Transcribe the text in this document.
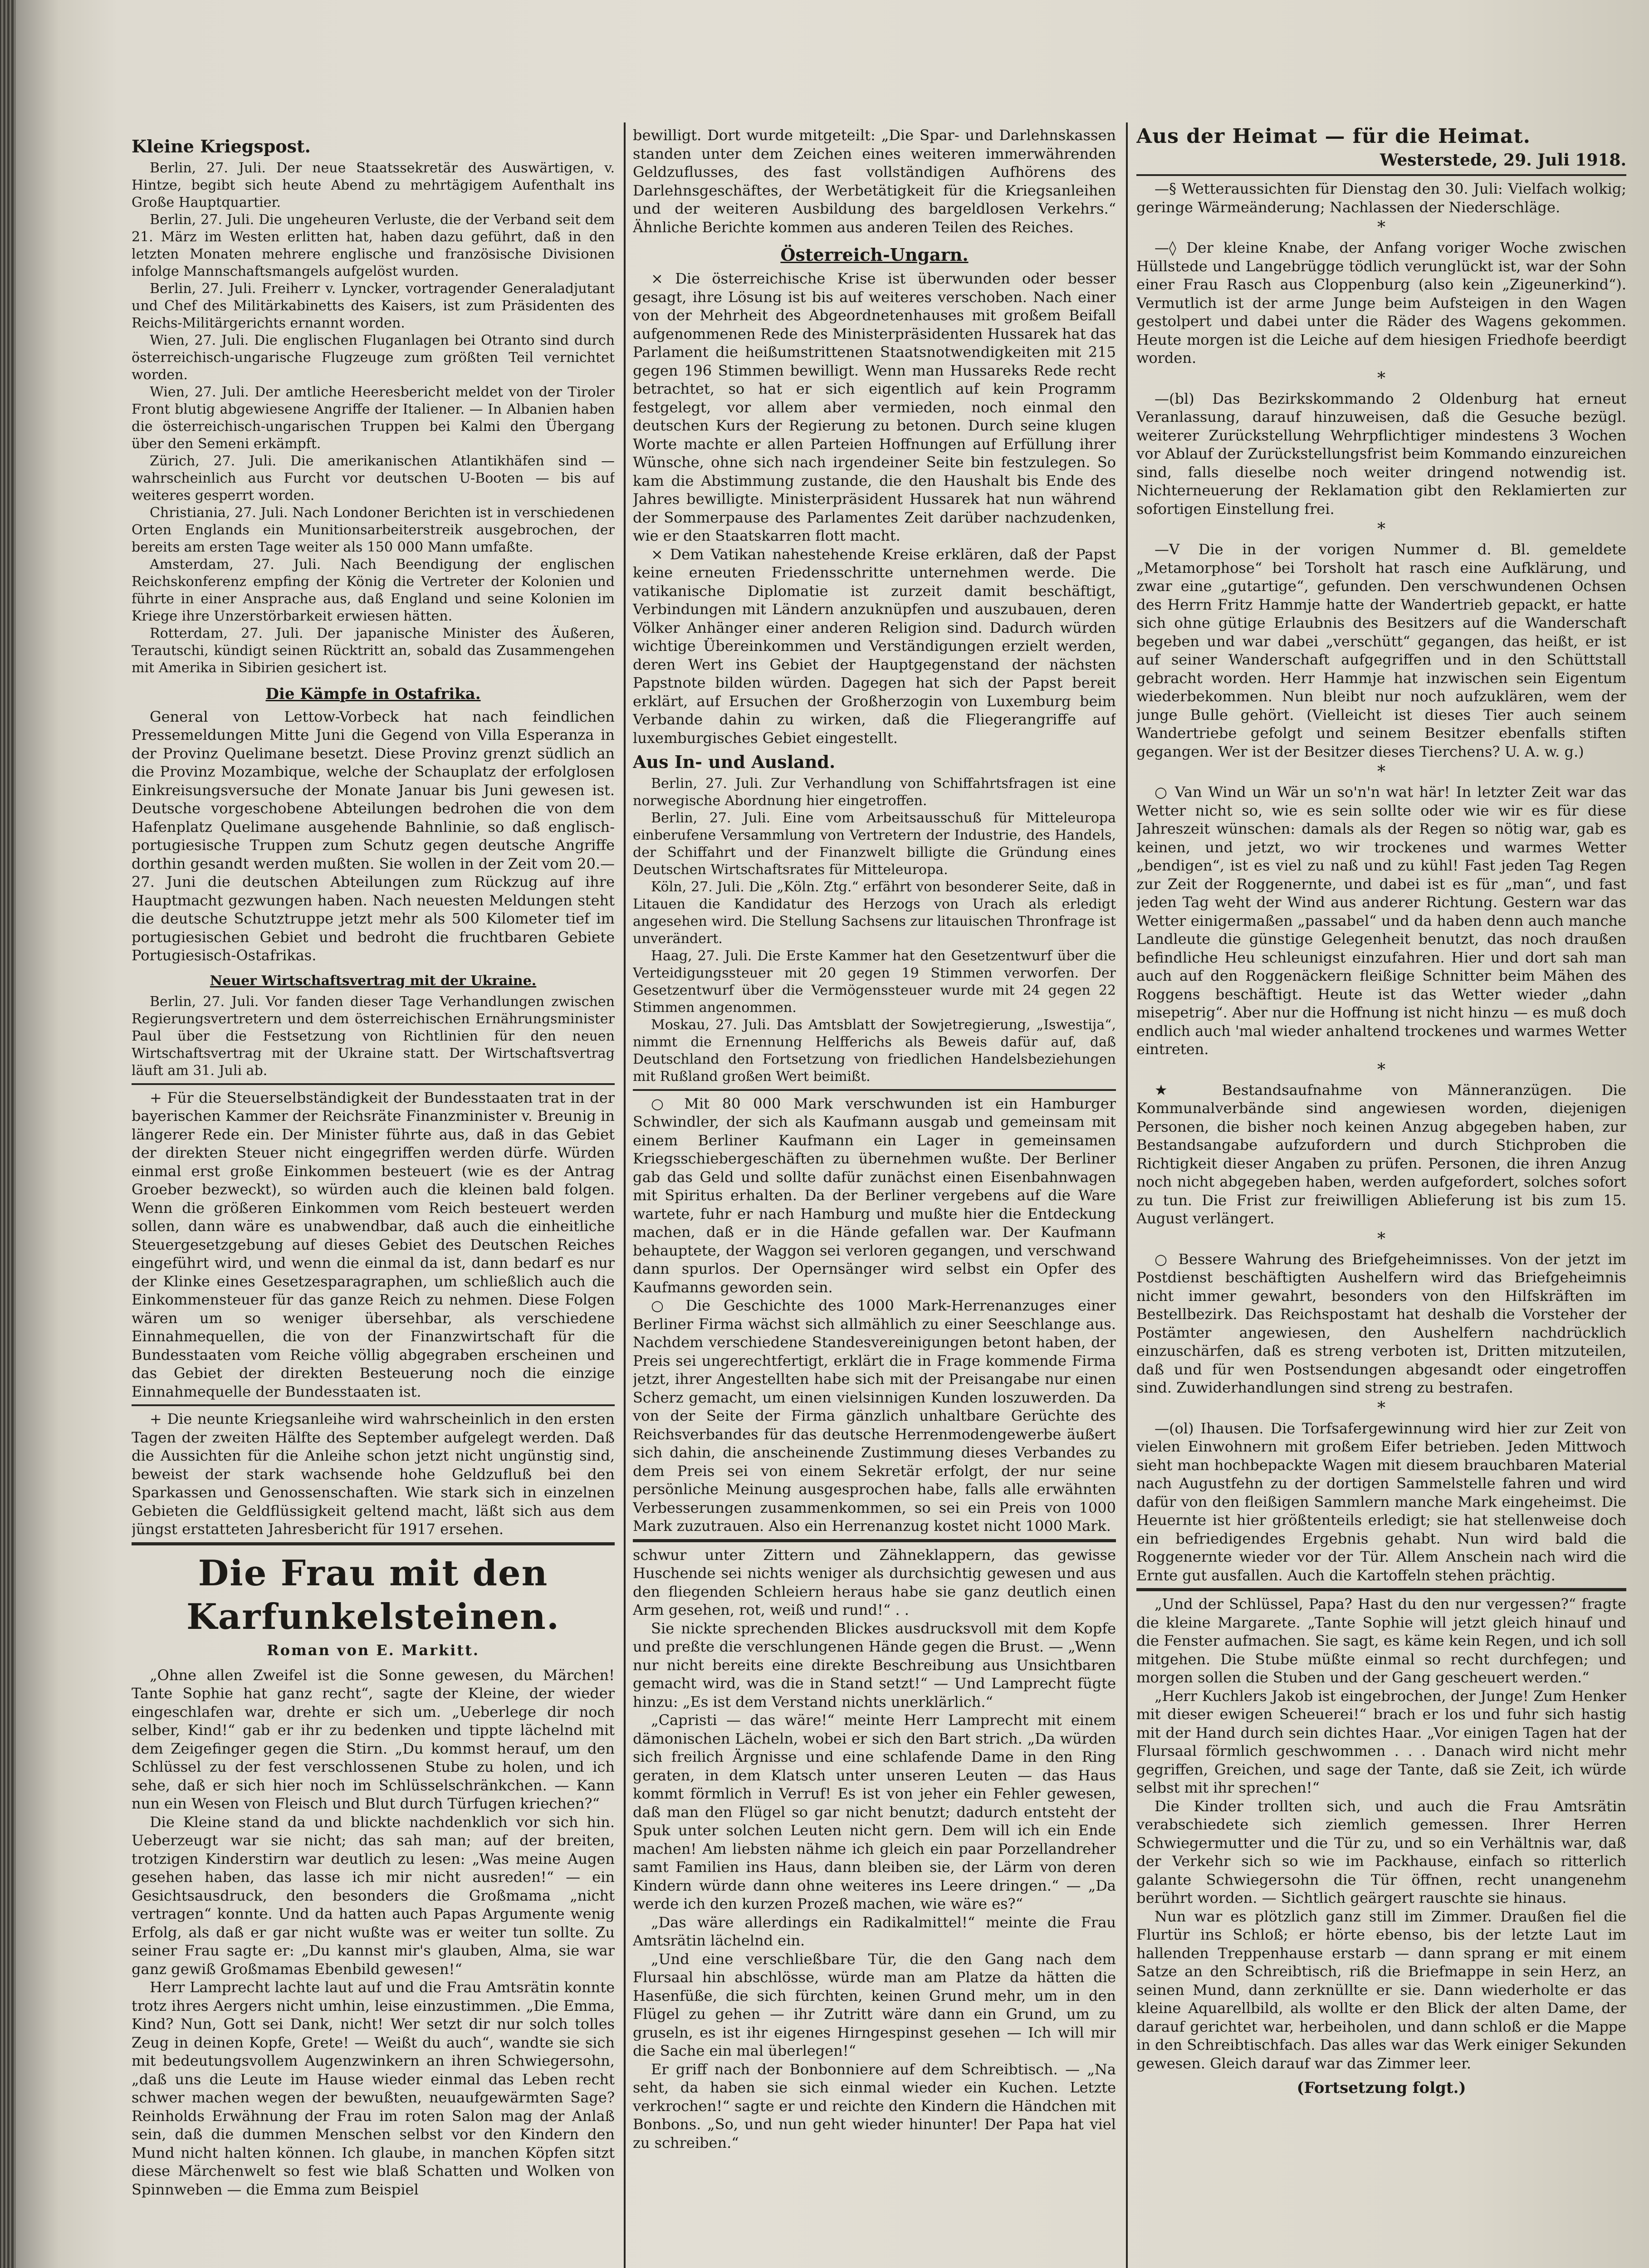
Kleine Kriegspost.

Berlin, 27. Juli. Der neue Staatssekretär des Auswärtigen, v. Hintze, begibt sich heute Abend zu mehrtägigem Aufenthalt ins Große Hauptquartier.

Berlin, 27. Juli. Die ungeheuren Verluste, die der Verband seit dem 21. März im Westen erlitten hat, haben dazu geführt, daß in den letzten Monaten mehrere englische und französische Divisionen infolge Mannschaftsmangels aufgelöst wurden.

Berlin, 27. Juli. Freiherr v. Lyncker, vortragender Generaladjutant und Chef des Militärkabinetts des Kaisers, ist zum Präsidenten des Reichs-Militärgerichts ernannt worden.

Wien, 27. Juli. Die englischen Fluganlagen bei Otranto sind durch österreichisch-ungarische Flugzeuge zum größten Teil vernichtet worden.

Wien, 27. Juli. Der amtliche Heeresbericht meldet von der Tiroler Front blutig abgewiesene Angriffe der Italiener. — In Albanien haben die österreichisch-ungarischen Truppen bei Kalmi den Übergang über den Semeni erkämpft.

Zürich, 27. Juli. Die amerikanischen Atlantikhäfen sind — wahrscheinlich aus Furcht vor deutschen U-Booten — bis auf weiteres gesperrt worden.

Christiania, 27. Juli. Nach Londoner Berichten ist in verschiedenen Orten Englands ein Munitionsarbeiterstreik ausgebrochen, der bereits am ersten Tage weiter als 150 000 Mann umfaßte.

Amsterdam, 27. Juli. Nach Beendigung der englischen Reichskonferenz empfing der König die Vertreter der Kolonien und führte in einer Ansprache aus, daß England und seine Kolonien im Kriege ihre Unzerstörbarkeit erwiesen hätten.

Rotterdam, 27. Juli. Der japanische Minister des Äußeren, Terautschi, kündigt seinen Rücktritt an, sobald das Zusammengehen mit Amerika in Sibirien gesichert ist.

Die Kämpfe in Ostafrika.

General von Lettow-Vorbeck hat nach feindlichen Pressemeldungen Mitte Juni die Gegend von Villa Esperanza in der Provinz Quelimane besetzt. Diese Provinz grenzt südlich an die Provinz Mozambique, welche der Schauplatz der erfolglosen Einkreisungsversuche der Monate Januar bis Juni gewesen ist. Deutsche vorgeschobene Abteilungen bedrohen die von dem Hafenplatz Quelimane ausgehende Bahnlinie, so daß englisch-portugiesische Truppen zum Schutz gegen deutsche Angriffe dorthin gesandt werden mußten. Sie wollen in der Zeit vom 20.—27. Juni die deutschen Abteilungen zum Rückzug auf ihre Hauptmacht gezwungen haben. Nach neuesten Meldungen steht die deutsche Schutztruppe jetzt mehr als 500 Kilometer tief im portugiesischen Gebiet und bedroht die fruchtbaren Gebiete Portugiesisch-Ostafrikas.

Neuer Wirtschaftsvertrag mit der Ukraine.

Berlin, 27. Juli. Vor fanden dieser Tage Verhandlungen zwischen Regierungsvertretern und dem österreichischen Ernährungsminister Paul über die Festsetzung von Richtlinien für den neuen Wirtschaftsvertrag mit der Ukraine statt. Der Wirtschaftsvertrag läuft am 31. Juli ab.

+ Für die Steuerselbständigkeit der Bundesstaaten trat in der bayerischen Kammer der Reichsräte Finanzminister v. Breunig in längerer Rede ein. Der Minister führte aus, daß in das Gebiet der direkten Steuer nicht eingegriffen werden dürfe. Würden einmal erst große Einkommen besteuert (wie es der Antrag Groeber bezweckt), so würden auch die kleinen bald folgen. Wenn die größeren Einkommen vom Reich besteuert werden sollen, dann wäre es unabwendbar, daß auch die einheitliche Steuergesetzgebung auf dieses Gebiet des Deutschen Reiches eingeführt wird, und wenn die einmal da ist, dann bedarf es nur der Klinke eines Gesetzesparagraphen, um schließlich auch die Einkommensteuer für das ganze Reich zu nehmen. Diese Folgen wären um so weniger übersehbar, als verschiedene Einnahmequellen, die von der Finanzwirtschaft für die Bundesstaaten vom Reiche völlig abgegraben erscheinen und das Gebiet der direkten Besteuerung noch die einzige Einnahmequelle der Bundesstaaten ist.

+ Die neunte Kriegsanleihe wird wahrscheinlich in den ersten Tagen der zweiten Hälfte des September aufgelegt werden. Daß die Aussichten für die Anleihe schon jetzt nicht ungünstig sind, beweist der stark wachsende hohe Geldzufluß bei den Sparkassen und Genossenschaften. Wie stark sich in einzelnen Gebieten die Geldflüssigkeit geltend macht, läßt sich aus dem jüngst erstatteten Jahresbericht für 1917 ersehen.

Die Frau mit den Karfunkelsteinen.
Roman von E. Markitt.

„Ohne allen Zweifel ist die Sonne gewesen, du Märchen! Tante Sophie hat ganz recht“, sagte der Kleine, der wieder eingeschlafen war, drehte er sich um. „Ueberlege dir noch selber, Kind!“ gab er ihr zu bedenken und tippte lächelnd mit dem Zeigefinger gegen die Stirn. „Du kommst herauf, um den Schlüssel zu der fest verschlossenen Stube zu holen, und ich sehe, daß er sich hier noch im Schlüsselschränkchen. — Kann nun ein Wesen von Fleisch und Blut durch Türfugen kriechen?“

Die Kleine stand da und blickte nachdenklich vor sich hin. Ueberzeugt war sie nicht; das sah man; auf der breiten, trotzigen Kinderstirn war deutlich zu lesen: „Was meine Augen gesehen haben, das lasse ich mir nicht ausreden!“ — ein Gesichtsausdruck, den besonders die Großmama „nicht vertragen“ konnte. Und da hatten auch Papas Argumente wenig Erfolg, als daß er gar nicht wußte was er weiter tun sollte. Zu seiner Frau sagte er: „Du kannst mir's glauben, Alma, sie war ganz gewiß Großmamas Ebenbild gewesen!“

Herr Lamprecht lachte laut auf und die Frau Amtsrätin konnte trotz ihres Aergers nicht umhin, leise einzustimmen. „Die Emma, Kind? Nun, Gott sei Dank, nicht! Wer setzt dir nur solch tolles Zeug in deinen Kopfe, Grete! — Weißt du auch“, wandte sie sich mit bedeutungsvollem Augenzwinkern an ihren Schwiegersohn, „daß uns die Leute im Hause wieder einmal das Leben recht schwer machen wegen der bewußten, neuaufgewärmten Sage? Reinholds Erwähnung der Frau im roten Salon mag der Anlaß sein, daß die dummen Menschen selbst vor den Kindern den Mund nicht halten können. Ich glaube, in manchen Köpfen sitzt diese Märchenwelt so fest wie blaß Schatten und Wolken von Spinnweben — die Emma zum Beispiel

bewilligt. Dort wurde mitgeteilt: „Die Spar- und Darlehnskassen standen unter dem Zeichen eines weiteren immerwährenden Geldzuflusses, des fast vollständigen Aufhörens des Darlehnsgeschäftes, der Werbetätigkeit für die Kriegsanleihen und der weiteren Ausbildung des bargeldlosen Verkehrs.“ Ähnliche Berichte kommen aus anderen Teilen des Reiches.

Österreich-Ungarn.

× Die österreichische Krise ist überwunden oder besser gesagt, ihre Lösung ist bis auf weiteres verschoben. Nach einer von der Mehrheit des Abgeordnetenhauses mit großem Beifall aufgenommenen Rede des Ministerpräsidenten Hussarek hat das Parlament die heißumstrittenen Staatsnotwendigkeiten mit 215 gegen 196 Stimmen bewilligt. Wenn man Hussareks Rede recht betrachtet, so hat er sich eigentlich auf kein Programm festgelegt, vor allem aber vermieden, noch einmal den deutschen Kurs der Regierung zu betonen. Durch seine klugen Worte machte er allen Parteien Hoffnungen auf Erfüllung ihrer Wünsche, ohne sich nach irgendeiner Seite bin festzulegen. So kam die Abstimmung zustande, die den Haushalt bis Ende des Jahres bewilligte. Ministerpräsident Hussarek hat nun während der Sommerpause des Parlamentes Zeit darüber nachzudenken, wie er den Staatskarren flott macht.

× Dem Vatikan nahestehende Kreise erklären, daß der Papst keine erneuten Friedensschritte unternehmen werde. Die vatikanische Diplomatie ist zurzeit damit beschäftigt, Verbindungen mit Ländern anzuknüpfen und auszubauen, deren Völker Anhänger einer anderen Religion sind. Dadurch würden wichtige Übereinkommen und Verständigungen erzielt werden, deren Wert ins Gebiet der Hauptgegenstand der nächsten Papstnote bilden würden. Dagegen hat sich der Papst bereit erklärt, auf Ersuchen der Großherzogin von Luxemburg beim Verbande dahin zu wirken, daß die Fliegerangriffe auf luxemburgisches Gebiet eingestellt.

Aus In- und Ausland.

Berlin, 27. Juli. Zur Verhandlung von Schiffahrtsfragen ist eine norwegische Abordnung hier eingetroffen.

Berlin, 27. Juli. Eine vom Arbeitsausschuß für Mitteleuropa einberufene Versammlung von Vertretern der Industrie, des Handels, der Schiffahrt und der Finanzwelt billigte die Gründung eines Deutschen Wirtschaftsrates für Mitteleuropa.

Köln, 27. Juli. Die „Köln. Ztg.“ erfährt von besonderer Seite, daß in Litauen die Kandidatur des Herzogs von Urach als erledigt angesehen wird. Die Stellung Sachsens zur litauischen Thronfrage ist unverändert.

Haag, 27. Juli. Die Erste Kammer hat den Gesetzentwurf über die Verteidigungssteuer mit 20 gegen 19 Stimmen verworfen. Der Gesetzentwurf über die Vermögenssteuer wurde mit 24 gegen 22 Stimmen angenommen.

Moskau, 27. Juli. Das Amtsblatt der Sowjetregierung, „Iswestija“, nimmt die Ernennung Helfferichs als Beweis dafür auf, daß Deutschland den Fortsetzung von friedlichen Handelsbeziehungen mit Rußland großen Wert beimißt.

○ Mit 80 000 Mark verschwunden ist ein Hamburger Schwindler, der sich als Kaufmann ausgab und gemeinsam mit einem Berliner Kaufmann ein Lager in gemeinsamen Kriegsschiebergeschäften zu übernehmen wußte. Der Berliner gab das Geld und sollte dafür zunächst einen Eisenbahnwagen mit Spiritus erhalten. Da der Berliner vergebens auf die Ware wartete, fuhr er nach Hamburg und mußte hier die Entdeckung machen, daß er in die Hände gefallen war. Der Kaufmann behauptete, der Waggon sei verloren gegangen, und verschwand dann spurlos. Der Opernsänger wird selbst ein Opfer des Kaufmanns geworden sein.

○ Die Geschichte des 1000 Mark-Herrenanzuges einer Berliner Firma wächst sich allmählich zu einer Seeschlange aus. Nachdem verschiedene Standesvereinigungen betont haben, der Preis sei ungerechtfertigt, erklärt die in Frage kommende Firma jetzt, ihrer Angestellten habe sich mit der Preisangabe nur einen Scherz gemacht, um einen vielsinnigen Kunden loszuwerden. Da von der Seite der Firma gänzlich unhaltbare Gerüchte des Reichsverbandes für das deutsche Herrenmodengewerbe äußert sich dahin, die anscheinende Zustimmung dieses Verbandes zu dem Preis sei von einem Sekretär erfolgt, der nur seine persönliche Meinung ausgesprochen habe, falls alle erwähnten Verbesserungen zusammenkommen, so sei ein Preis von 1000 Mark zuzutrauen. Also ein Herrenanzug kostet nicht 1000 Mark.

schwur unter Zittern und Zähneklappern, das gewisse Huschende sei nichts weniger als durchsichtig gewesen und aus den fliegenden Schleiern heraus habe sie ganz deutlich einen Arm gesehen, rot, weiß und rund!“ . .

Sie nickte sprechenden Blickes ausdrucksvoll mit dem Kopfe und preßte die verschlungenen Hände gegen die Brust. — „Wenn nur nicht bereits eine direkte Beschreibung aus Unsichtbaren gemacht wird, was die in Stand setzt!“ — Und Lamprecht fügte hinzu: „Es ist dem Verstand nichts unerklärlich.“

„Capristi — das wäre!“ meinte Herr Lamprecht mit einem dämonischen Lächeln, wobei er sich den Bart strich. „Da würden sich freilich Ärgnisse und eine schlafende Dame in den Ring geraten, in dem Klatsch unter unseren Leuten — das Haus kommt förmlich in Verruf! Es ist von jeher ein Fehler gewesen, daß man den Flügel so gar nicht benutzt; dadurch entsteht der Spuk unter solchen Leuten nicht gern. Dem will ich ein Ende machen! Am liebsten nähme ich gleich ein paar Porzellandreher samt Familien ins Haus, dann bleiben sie, der Lärm von deren Kindern würde dann ohne weiteres ins Leere dringen.“ — „Da werde ich den kurzen Prozeß machen, wie wäre es?“

„Das wäre allerdings ein Radikalmittel!“ meinte die Frau Amtsrätin lächelnd ein.

„Und eine verschließbare Tür, die den Gang nach dem Flursaal hin abschlösse, würde man am Platze da hätten die Hasenfüße, die sich fürchten, keinen Grund mehr, um in den Flügel zu gehen — ihr Zutritt wäre dann ein Grund, um zu gruseln, es ist ihr eigenes Hirngespinst gesehen — Ich will mir die Sache ein mal überlegen!“

Er griff nach der Bonbonniere auf dem Schreibtisch. — „Na seht, da haben sie sich einmal wieder ein Kuchen. Letzte verkrochen!“ sagte er und reichte den Kindern die Händchen mit Bonbons. „So, und nun geht wieder hinunter! Der Papa hat viel zu schreiben.“

Aus der Heimat — für die Heimat.
Westerstede, 29. Juli 1918.

—§ Wetteraussichten für Dienstag den 30. Juli: Vielfach wolkig; geringe Wärmeänderung; Nachlassen der Niederschläge.

*

—◊ Der kleine Knabe, der Anfang voriger Woche zwischen Hüllstede und Langebrügge tödlich verunglückt ist, war der Sohn einer Frau Rasch aus Cloppenburg (also kein „Zigeunerkind“). Vermutlich ist der arme Junge beim Aufsteigen in den Wagen gestolpert und dabei unter die Räder des Wagens gekommen. Heute morgen ist die Leiche auf dem hiesigen Friedhofe beerdigt worden.

*

—(bl) Das Bezirkskommando 2 Oldenburg hat erneut Veranlassung, darauf hinzuweisen, daß die Gesuche bezügl. weiterer Zurückstellung Wehrpflichtiger mindestens 3 Wochen vor Ablauf der Zurückstellungsfrist beim Kommando einzureichen sind, falls dieselbe noch weiter dringend notwendig ist. Nichterneuerung der Reklamation gibt den Reklamierten zur sofortigen Einstellung frei.

*

—V Die in der vorigen Nummer d. Bl. gemeldete „Metamorphose“ bei Torsholt hat rasch eine Aufklärung, und zwar eine „gutartige“, gefunden. Den verschwundenen Ochsen des Herrn Fritz Hammje hatte der Wandertrieb gepackt, er hatte sich ohne gütige Erlaubnis des Besitzers auf die Wanderschaft begeben und war dabei „verschütt“ gegangen, das heißt, er ist auf seiner Wanderschaft aufgegriffen und in den Schüttstall gebracht worden. Herr Hammje hat inzwischen sein Eigentum wiederbekommen. Nun bleibt nur noch aufzuklären, wem der junge Bulle gehört. (Vielleicht ist dieses Tier auch seinem Wandertriebe gefolgt und seinem Besitzer ebenfalls stiften gegangen. Wer ist der Besitzer dieses Tierchens? U. A. w. g.)

*

○ Van Wind un Wär un so'n'n wat här! In letzter Zeit war das Wetter nicht so, wie es sein sollte oder wie wir es für diese Jahreszeit wünschen: damals als der Regen so nötig war, gab es keinen, und jetzt, wo wir trockenes und warmes Wetter „bendigen“, ist es viel zu naß und zu kühl! Fast jeden Tag Regen zur Zeit der Roggenernte, und dabei ist es für „man“, und fast jeden Tag weht der Wind aus anderer Richtung. Gestern war das Wetter einigermaßen „passabel“ und da haben denn auch manche Landleute die günstige Gelegenheit benutzt, das noch draußen befindliche Heu schleunigst einzufahren. Hier und dort sah man auch auf den Roggenäckern fleißige Schnitter beim Mähen des Roggens beschäftigt. Heute ist das Wetter wieder „dahn misepetrig“. Aber nur die Hoffnung ist nicht hinzu — es muß doch endlich auch 'mal wieder anhaltend trockenes und warmes Wetter eintreten.

*

★ Bestandsaufnahme von Männeranzügen. Die Kommunalverbände sind angewiesen worden, diejenigen Personen, die bisher noch keinen Anzug abgegeben haben, zur Bestandsangabe aufzufordern und durch Stichproben die Richtigkeit dieser Angaben zu prüfen. Personen, die ihren Anzug noch nicht abgegeben haben, werden aufgefordert, solches sofort zu tun. Die Frist zur freiwilligen Ablieferung ist bis zum 15. August verlängert.

*

○ Bessere Wahrung des Briefgeheimnisses. Von der jetzt im Postdienst beschäftigten Aushelfern wird das Briefgeheimnis nicht immer gewahrt, besonders von den Hilfskräften im Bestellbezirk. Das Reichspostamt hat deshalb die Vorsteher der Postämter angewiesen, den Aushelfern nachdrücklich einzuschärfen, daß es streng verboten ist, Dritten mitzuteilen, daß und für wen Postsendungen abgesandt oder eingetroffen sind. Zuwiderhandlungen sind streng zu bestrafen.

*

—(ol) Ihausen. Die Torfsafergewinnung wird hier zur Zeit von vielen Einwohnern mit großem Eifer betrieben. Jeden Mittwoch sieht man hochbepackte Wagen mit diesem brauchbaren Material nach Augustfehn zu der dortigen Sammelstelle fahren und wird dafür von den fleißigen Sammlern manche Mark eingeheimst. Die Heuernte ist hier größtenteils erledigt; sie hat stellenweise doch ein befriedigendes Ergebnis gehabt. Nun wird bald die Roggenernte wieder vor der Tür. Allem Anschein nach wird die Ernte gut ausfallen. Auch die Kartoffeln stehen prächtig.

„Und der Schlüssel, Papa? Hast du den nur vergessen?“ fragte die kleine Margarete. „Tante Sophie will jetzt gleich hinauf und die Fenster aufmachen. Sie sagt, es käme kein Regen, und ich soll mitgehen. Die Stube müßte einmal so recht durchfegen; und morgen sollen die Stuben und der Gang gescheuert werden.“

„Herr Kuchlers Jakob ist eingebrochen, der Junge! Zum Henker mit dieser ewigen Scheuerei!“ brach er los und fuhr sich hastig mit der Hand durch sein dichtes Haar. „Vor einigen Tagen hat der Flursaal förmlich geschwommen . . . Danach wird nicht mehr gegriffen, Greichen, und sage der Tante, daß sie Zeit, ich würde selbst mit ihr sprechen!“

Die Kinder trollten sich, und auch die Frau Amtsrätin verabschiedete sich ziemlich gemessen. Ihrer Herren Schwiegermutter und die Tür zu, und so ein Verhältnis war, daß der Verkehr sich so wie im Packhause, einfach so ritterlich galante Schwiegersohn die Tür öffnen, recht unangenehm berührt worden. — Sichtlich geärgert rauschte sie hinaus.

Nun war es plötzlich ganz still im Zimmer. Draußen fiel die Flurtür ins Schloß; er hörte ebenso, bis der letzte Laut im hallenden Treppenhause erstarb — dann sprang er mit einem Satze an den Schreibtisch, riß die Briefmappe in sein Herz, an seinen Mund, dann zerknüllte er sie. Dann wiederholte er das kleine Aquarellbild, als wollte er den Blick der alten Dame, der darauf gerichtet war, herbeiholen, und dann schloß er die Mappe in den Schreibtischfach. Das alles war das Werk einiger Sekunden gewesen. Gleich darauf war das Zimmer leer.

(Fortsetzung folgt.)
